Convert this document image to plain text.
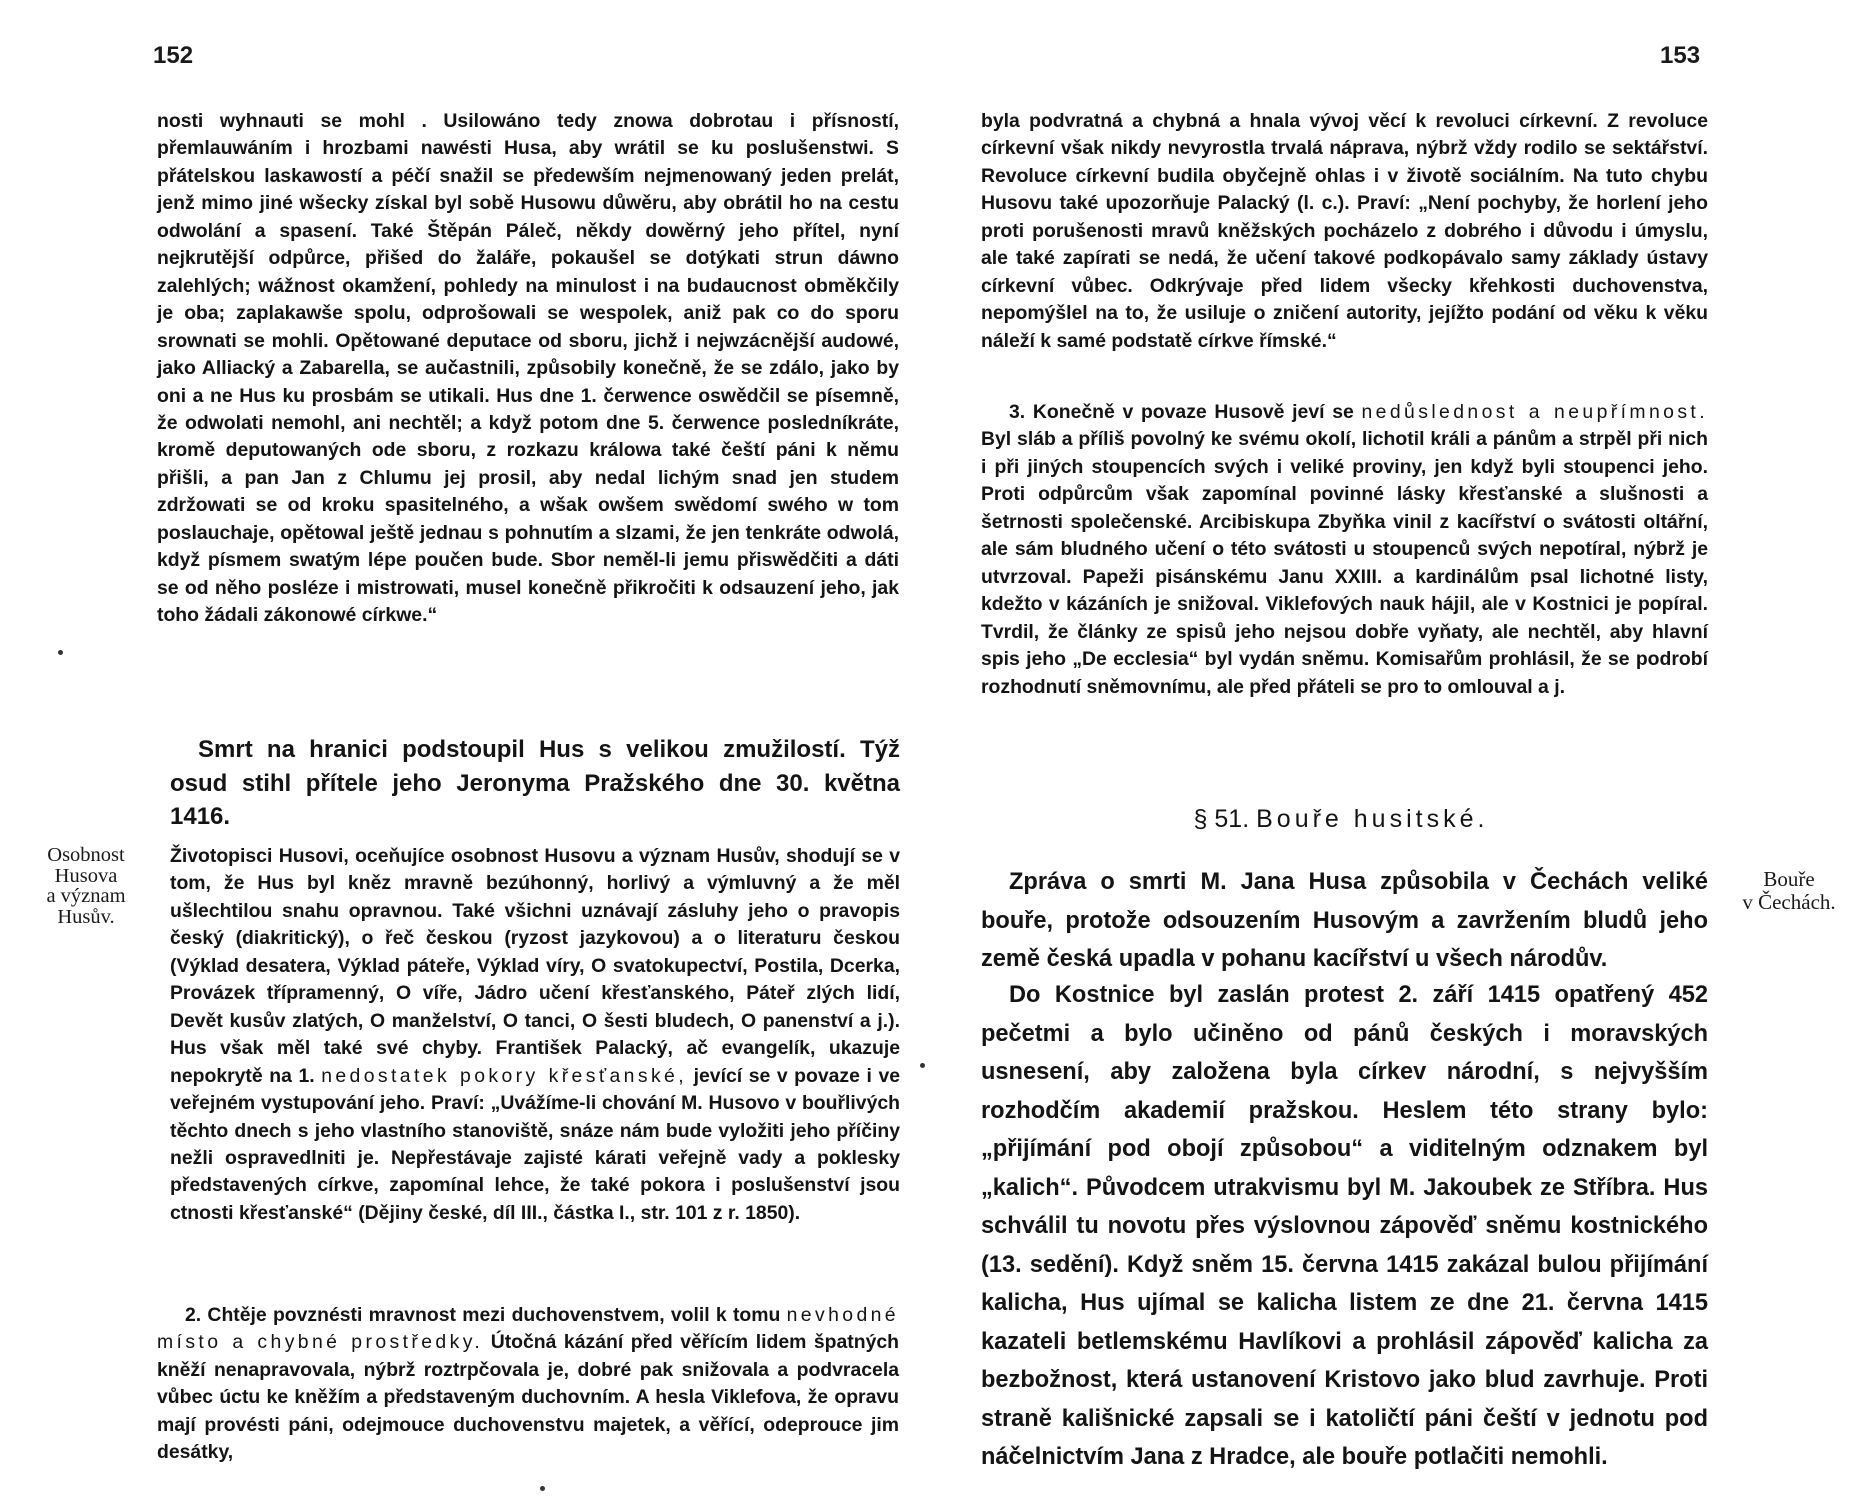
152
nosti wyhnauti se mohl . Usilowáno tedy znowa dobrotau i přísností, přemlauwáním i hrozbami nawésti Husa, aby wrátil se ku poslušenstwi. S přátelskou laskawostí a péčí snažil se předewším nejmenowaný jeden prelát, jenž mimo jiné wšecky získal byl sobě Husowu důwěru, aby obrátil ho na cestu odwolání a spasení. Také Štěpán Páleč, někdy dowěrný jeho přítel, nyní nejkrutější odpůrce, přišed do žaláře, pokaušel se dotýkati strun dáwno zalehlých; wážnost okamžení, pohledy na minulost i na budaucnost obměkčily je oba; zaplakawše spolu, odprošowali se wespolek, aniž pak co do sporu srownati se mohli. Opětowané deputace od sboru, jichž i nejwzácnější audowé, jako Alliacký a Zabarella, se aučastnili, způsobily konečně, že se zdálo, jako by oni a ne Hus ku prosbám se utikali. Hus dne 1. čerwence oswědčil se písemně, že odwolati nemohl, ani nechtěl; a když potom dne 5. čerwence posledníkráte, kromě deputowaných ode sboru, z rozkazu králowa také čeští páni k němu přišli, a pan Jan z Chlumu jej prosil, aby nedal lichým snad jen studem zdržowati se od kroku spasitelného, a wšak owšem swědomí swého w tom poslauchaje, opětowal ještě jednau s pohnutím a slzami, že jen tenkráte odwolá, když písmem swatým lépe poučen bude. Sbor neměl-li jemu přiswědčiti a dáti se od něho posléze i mistrowati, musel konečně přikročiti k odsauzení jeho, jak toho žádali zákonowé církwe.“
Smrt na hranici podstoupil Hus s velikou zmužilostí. Týž osud stihl přítele jeho Jeronyma Pražského dne 30. května 1416.
Osobnost
Husova
a význam
Husův.
Životopisci Husovi, oceňujíce osobnost Husovu a význam Husův, shodují se v tom, že Hus byl kněz mravně bezúhonný, horlivý a výmluvný a že měl ušlechtilou snahu opravnou. Také všichni uznávají zásluhy jeho o pravopis český (diakritický), o řeč českou (ryzost jazykovou) a o literaturu českou (Výklad desatera, Výklad páteře, Výklad víry, O svatokupectví, Postila, Dcerka, Provázek třípramenný, O víře, Jádro učení křesťanského, Páteř zlých lidí, Devět kusův zlatých, O manželství, O tanci, O šesti bludech, O panenství a j.). Hus však měl také své chyby. František Palacký, ač evangelík, ukazuje nepokrytě na 1. nedostatek pokory křesťanské, jevící se v povaze i ve veřejném vystupování jeho. Praví: „Uvážíme-li chování M. Husovo v bouřlivých těchto dnech s jeho vlastního stanoviště, snáze nám bude vyložiti jeho příčiny nežli ospravedlniti je. Nepřestávaje zajisté kárati veřejně vady a poklesky představených církve, zapomínal lehce, že také pokora i poslušenství jsou ctnosti křesťanské“ (Dějiny české, díl III., částka I., str. 101 z r. 1850).
2. Chtěje povznésti mravnost mezi duchovenstvem, volil k tomu nevhodné místo a chybné prostředky. Útočná kázání před věřícím lidem špatných kněží nenapravovala, nýbrž roztrpčovala je, dobré pak snižovala a podvracela vůbec úctu ke kněžím a představeným duchovním. A hesla Viklefova, že opravu mají provésti páni, odejmouce duchovenstvu majetek, a věřící, odeprouce jim desátky,
153
byla podvratná a chybná a hnala vývoj věcí k revoluci církevní. Z revoluce církevní však nikdy nevyrostla trvalá náprava, nýbrž vždy rodilo se sektářství. Revoluce církevní budila obyčejně ohlas i v životě sociálním. Na tuto chybu Husovu také upozorňuje Palacký (l. c.). Praví: „Není pochyby, že horlení jeho proti porušenosti mravů kněžských pocházelo z dobrého i důvodu i úmyslu, ale také zapírati se nedá, že učení takové podkopávalo samy základy ústavy církevní vůbec. Odkrývaje před lidem všecky křehkosti duchovenstva, nepomýšlel na to, že usiluje o zničení autority, jejížto podání od věku k věku náleží k samé podstatě církve římské.“
3. Konečně v povaze Husově jeví se nedůslednost a neupřímnost. Byl sláb a příliš povolný ke svému okolí, lichotil králi a pánům a strpěl při nich i při jiných stoupencích svých i veliké proviny, jen když byli stoupenci jeho. Proti odpůrcům však zapomínal povinné lásky křesťanské a slušnosti a šetrnosti společenské. Arcibiskupa Zbyňka vinil z kacířství o svátosti oltářní, ale sám bludného učení o této svátosti u stoupenců svých nepotíral, nýbrž je utvrzoval. Papeži pisánskému Janu XXIII. a kardinálům psal lichotné listy, kdežto v kázáních je snižoval. Viklefových nauk hájil, ale v Kostnici je popíral. Tvrdil, že články ze spisů jeho nejsou dobře vyňaty, ale nechtěl, aby hlavní spis jeho „De ecclesia“ byl vydán sněmu. Komisařům prohlásil, že se podrobí rozhodnutí sněmovnímu, ale před přáteli se pro to omlouval a j.
§ 51. Bouře husitské.
Zpráva o smrti M. Jana Husa způsobila v Čechách veliké bouře, protože odsouzením Husovým a zavržením bludů jeho země česká upadla v pohanu kacířství u všech národův.
Bouře
v Čechách.
Do Kostnice byl zaslán protest 2. září 1415 opatřený 452 pečetmi a bylo učiněno od pánů českých i moravských usnesení, aby založena byla církev národní, s nejvyšším rozhodčím akademií pražskou. Heslem této strany bylo: „přijímání pod obojí způsobou“ a viditelným odznakem byl „kalich“. Původcem utrakvismu byl M. Jakoubek ze Stříbra. Hus schválil tu novotu přes výslovnou zápověď sněmu kostnického (13. sedění). Když sněm 15. června 1415 zakázal bulou přijímání kalicha, Hus ujímal se kalicha listem ze dne 21. června 1415 kazateli betlemskému Havlíkovi a prohlásil zápověď kalicha za bezbožnost, která ustanovení Kristovo jako blud zavrhuje. Proti straně kališnické zapsali se i katoličtí páni čeští v jednotu pod náčelnictvím Jana z Hradce, ale bouře potlačiti nemohli.
